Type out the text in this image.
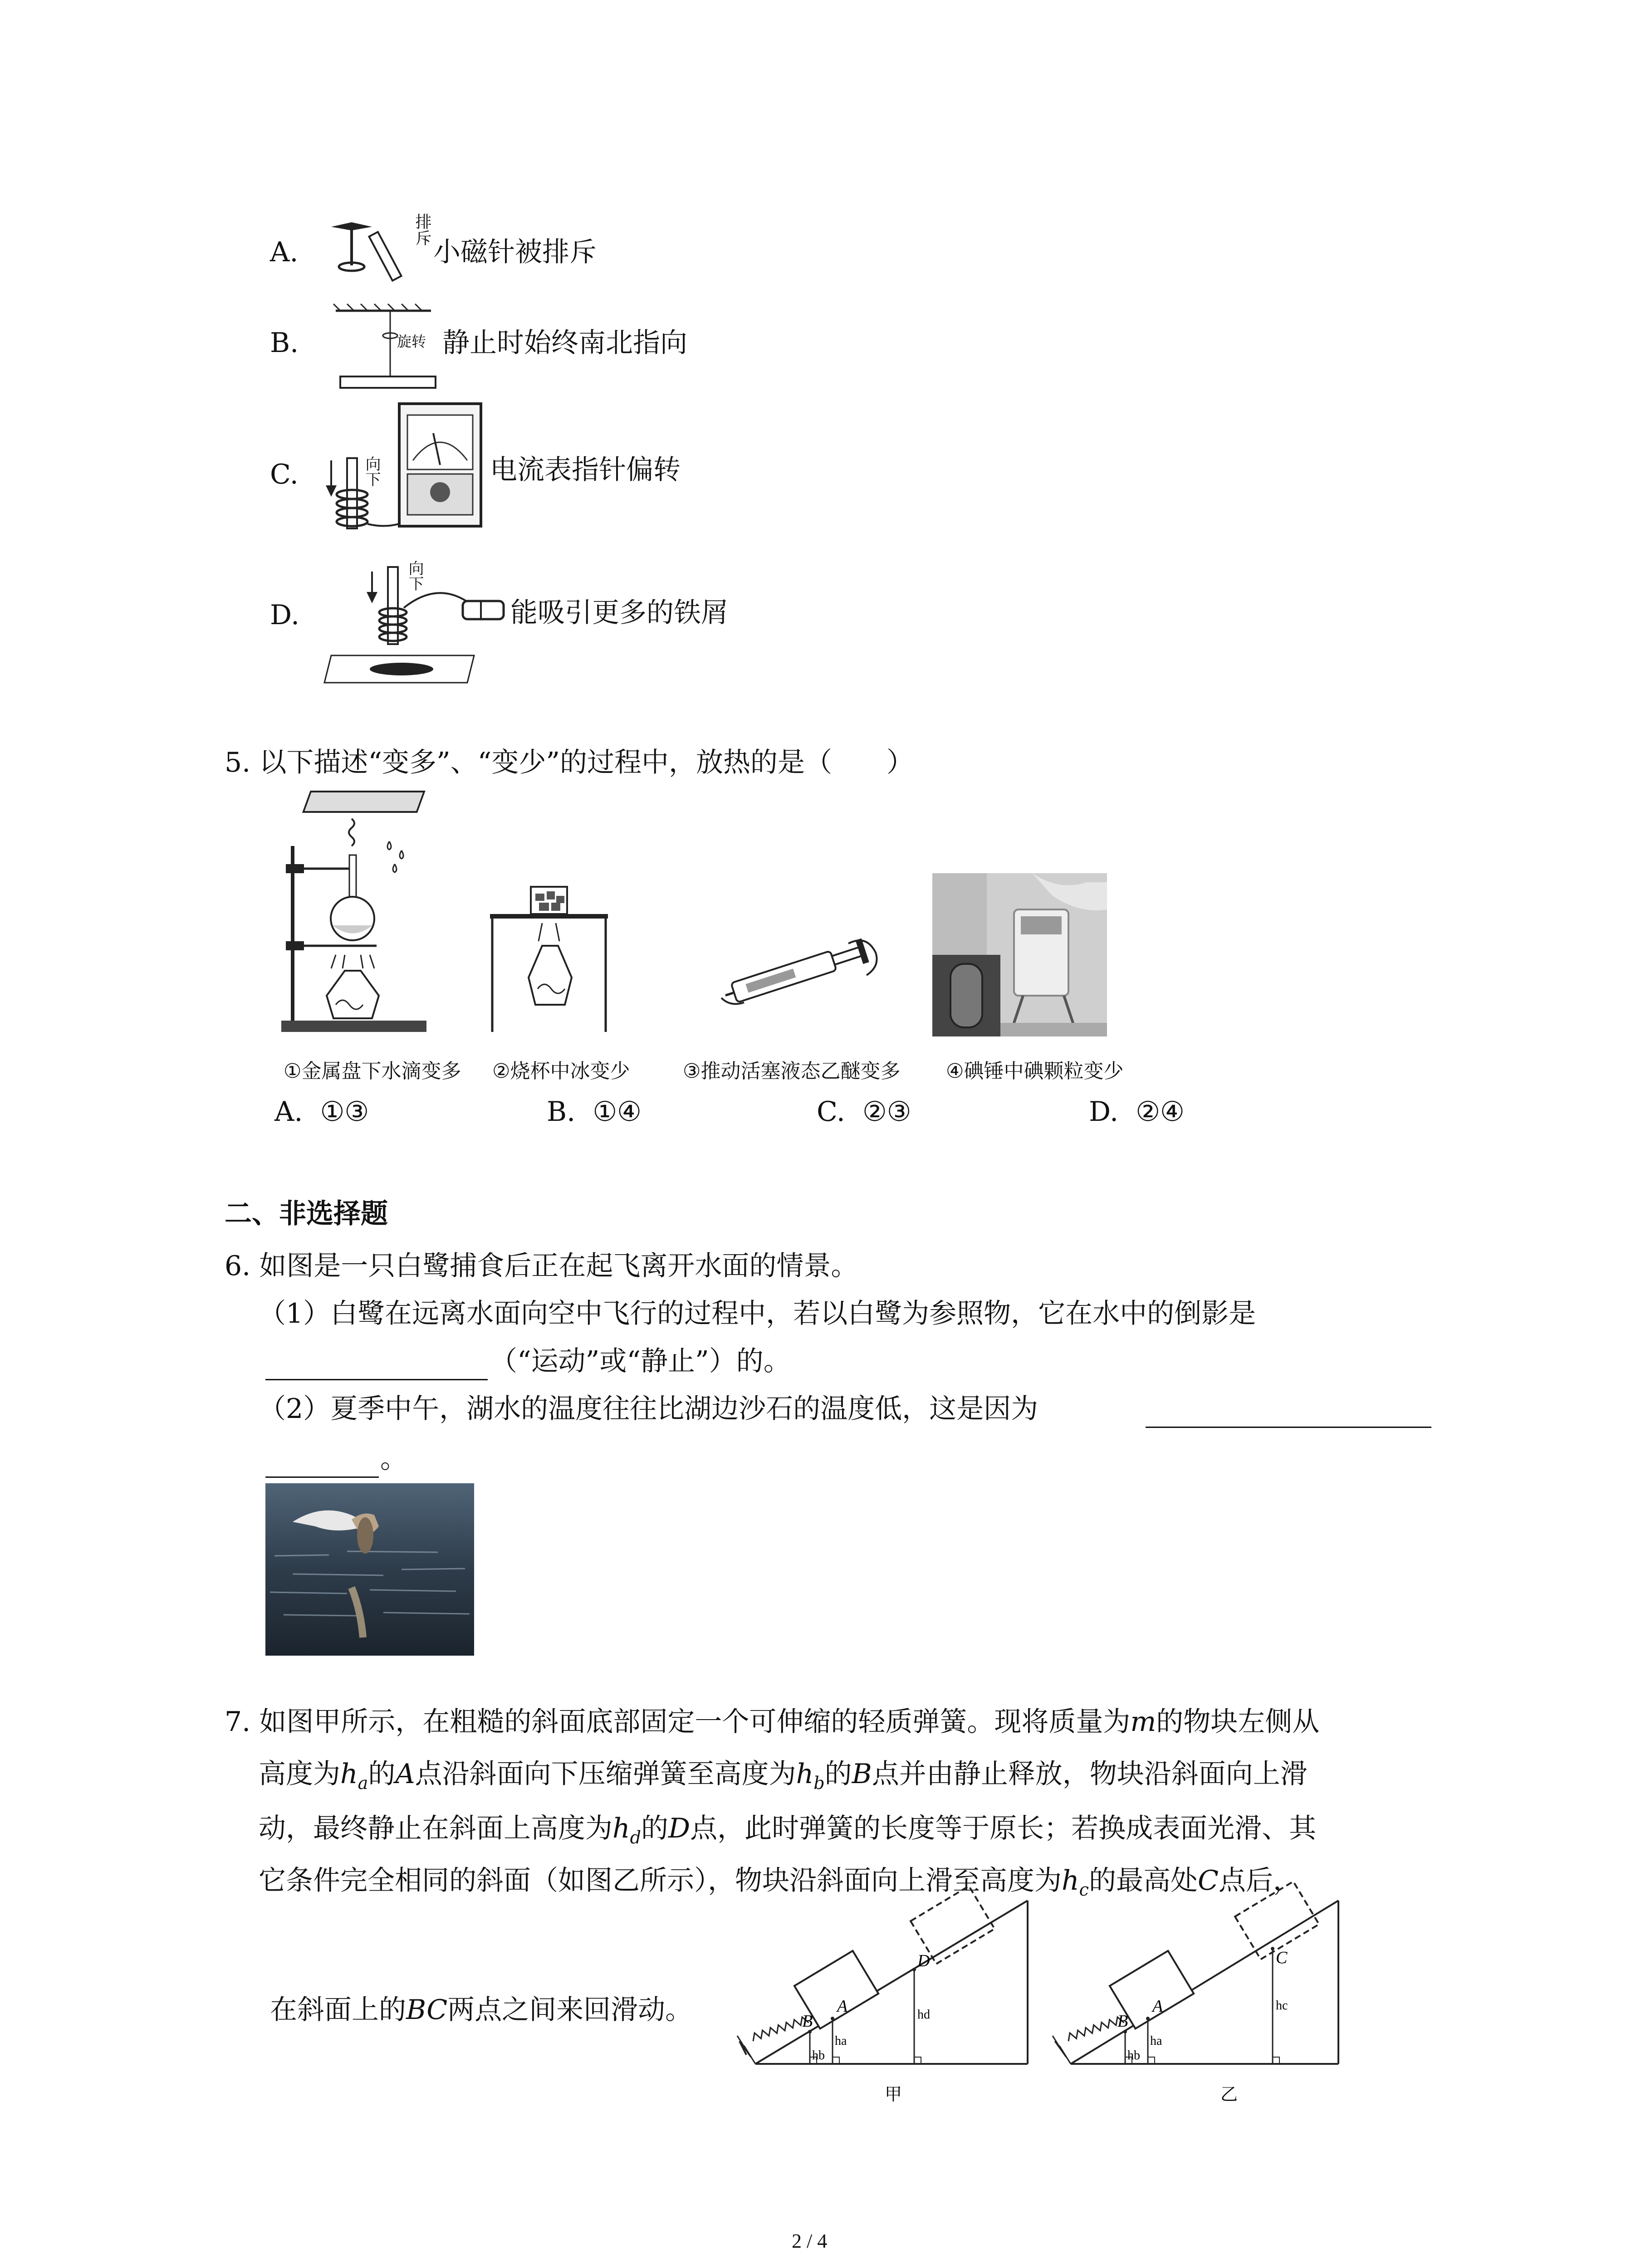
A.
排斥
小磁针被排斥
B.	旋转 静止时始终南北指向
C.	向下	电流表指针偏转
D.
向下
能吸引更多的铁屑
5. 以下描述“变多”、“变少”的过程中，放热的是（　　）
①金属盘下水滴变多 ②烧杯中冰变少	③推动活塞液态乙醚变多 ④碘锤中碘颗粒变少
A. ①③	B. ①④	C. ②③	D. ②④
二、非选择题
6. 如图是一只白鹭捕食后正在起飞离开水面的情景。
（1）白鹭在远离水面向空中飞行的过程中，若以白鹭为参照物，它在水中的倒影是
（“运动”或“静止”）的。
（2）夏季中午，湖水的温度往往比湖边沙石的温度低，这是因为
。
7. 如图甲所示，在粗糙的斜面底部固定一个可伸缩的轻质弹簧。现将质量为m的物块左侧从
高度为$h_a$的A点沿斜面向下压缩弹簧至高度为$h_b$的B点并由静止释放，物块沿斜面向上滑
动，最终静止在斜面上高度为$h_d$的D点，此时弹簧的长度等于原长；若换成表面光滑、其
它条件完全相同的斜面（如图乙所示），物块沿斜面向上滑至高度为$h_c$的最高处C点后，
在斜面上的BC两点之间来回滑动。	B
A
D
hb
ha
hd
甲
B
A
C
hb
ha
hc
乙
2 / 4
